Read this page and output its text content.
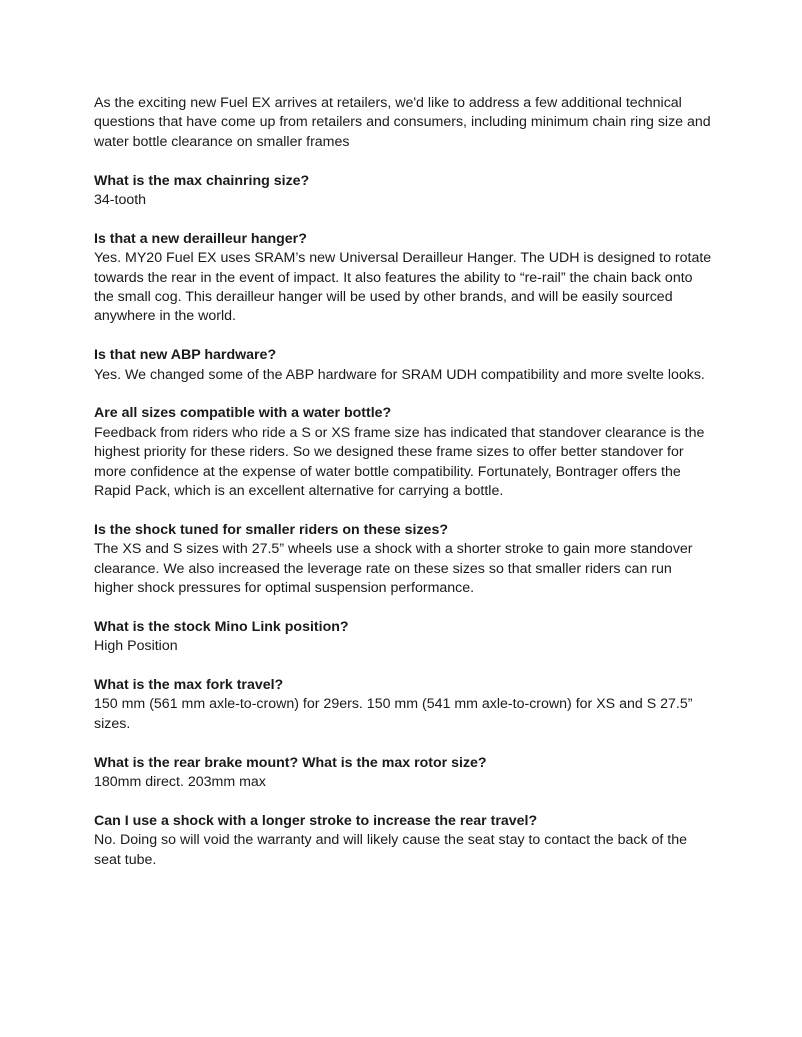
As the exciting new Fuel EX arrives at retailers, we'd like to address a few additional technical questions that have come up from retailers and consumers, including minimum chain ring size and water bottle clearance on smaller frames

What is the max chainring size?

34-tooth

Is that a new derailleur hanger?

Yes. MY20 Fuel EX uses SRAM’s new Universal Derailleur Hanger. The UDH is designed to rotate towards the rear in the event of impact. It also features the ability to “re-rail” the chain back onto the small cog. This derailleur hanger will be used by other brands, and will be easily sourced anywhere in the world.

Is that new ABP hardware?

Yes. We changed some of the ABP hardware for SRAM UDH compatibility and more svelte looks.

Are all sizes compatible with a water bottle?

Feedback from riders who ride a S or XS frame size has indicated that standover clearance is the highest priority for these riders. So we designed these frame sizes to offer better standover for more confidence at the expense of water bottle compatibility. Fortunately, Bontrager offers the Rapid Pack, which is an excellent alternative for carrying a bottle.

Is the shock tuned for smaller riders on these sizes?

The XS and S sizes with 27.5” wheels use a shock with a shorter stroke to gain more standover clearance. We also increased the leverage rate on these sizes so that smaller riders can run higher shock pressures for optimal suspension performance.

What is the stock Mino Link position?

High Position

What is the max fork travel?

150 mm (561 mm axle-to-crown) for 29ers. 150 mm (541 mm axle-to-crown) for XS and S 27.5” sizes.

What is the rear brake mount? What is the max rotor size?

180mm direct. 203mm max

Can I use a shock with a longer stroke to increase the rear travel?

No. Doing so will void the warranty and will likely cause the seat stay to contact the back of the seat tube.
